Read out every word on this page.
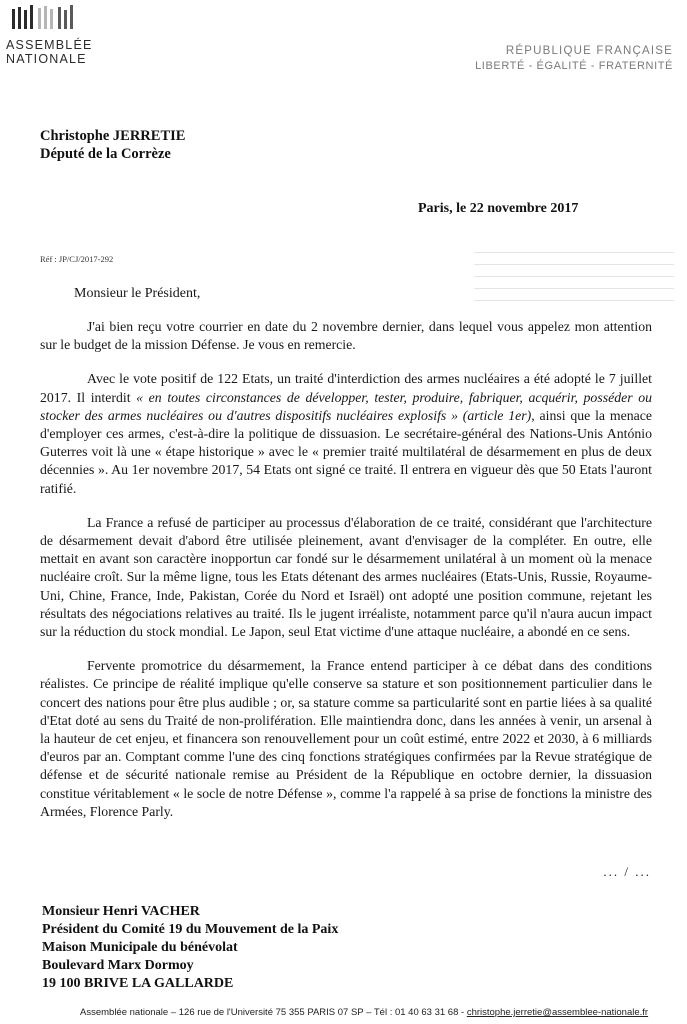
ASSEMBLÉE
NATIONALE
RÉPUBLIQUE FRANÇAISE
LIBERTÉ - ÉGALITÉ - FRATERNITÉ
Christophe JERRETIE
Député de la Corrèze
Paris, le 22 novembre 2017
Réf : JP/CJ/2017-292
Monsieur le Président,

J'ai bien reçu votre courrier en date du 2 novembre dernier, dans lequel vous appelez mon attention sur le budget de la mission Défense. Je vous en remercie.

Avec le vote positif de 122 Etats, un traité d'interdiction des armes nucléaires a été adopté le 7 juillet 2017. Il interdit « en toutes circonstances de développer, tester, produire, fabriquer, acquérir, posséder ou stocker des armes nucléaires ou d'autres dispositifs nucléaires explosifs » (article 1er), ainsi que la menace d'employer ces armes, c'est-à-dire la politique de dissuasion. Le secrétaire-général des Nations-Unis António Guterres voit là une « étape historique » avec le « premier traité multilatéral de désarmement en plus de deux décennies ». Au 1er novembre 2017, 54 Etats ont signé ce traité. Il entrera en vigueur dès que 50 Etats l'auront ratifié.

La France a refusé de participer au processus d'élaboration de ce traité, considérant que l'architecture de désarmement devait d'abord être utilisée pleinement, avant d'envisager de la compléter. En outre, elle mettait en avant son caractère inopportun car fondé sur le désarmement unilatéral à un moment où la menace nucléaire croît. Sur la même ligne, tous les Etats détenant des armes nucléaires (Etats-Unis, Russie, Royaume-Uni, Chine, France, Inde, Pakistan, Corée du Nord et Israël) ont adopté une position commune, rejetant les résultats des négociations relatives au traité. Ils le jugent irréaliste, notamment parce qu'il n'aura aucun impact sur la réduction du stock mondial. Le Japon, seul Etat victime d'une attaque nucléaire, a abondé en ce sens.

Fervente promotrice du désarmement, la France entend participer à ce débat dans des conditions réalistes. Ce principe de réalité implique qu'elle conserve sa stature et son positionnement particulier dans le concert des nations pour être plus audible ; or, sa stature comme sa particularité sont en partie liées à sa qualité d'Etat doté au sens du Traité de non-prolifération. Elle maintiendra donc, dans les années à venir, un arsenal à la hauteur de cet enjeu, et financera son renouvellement pour un coût estimé, entre 2022 et 2030, à 6 milliards d'euros par an. Comptant comme l'une des cinq fonctions stratégiques confirmées par la Revue stratégique de défense et de sécurité nationale remise au Président de la République en octobre dernier, la dissuasion constitue véritablement « le socle de notre Défense », comme l'a rappelé à sa prise de fonctions la ministre des Armées, Florence Parly.

... / ...
Monsieur Henri VACHER
Président du Comité 19 du Mouvement de la Paix
Maison Municipale du bénévolat
Boulevard Marx Dormoy
19 100 BRIVE LA GALLARDE
Assemblée nationale – 126 rue de l'Université 75 355 PARIS 07 SP – Tél : 01 40 63 31 68 - christophe.jerretie@assemblee-nationale.fr
